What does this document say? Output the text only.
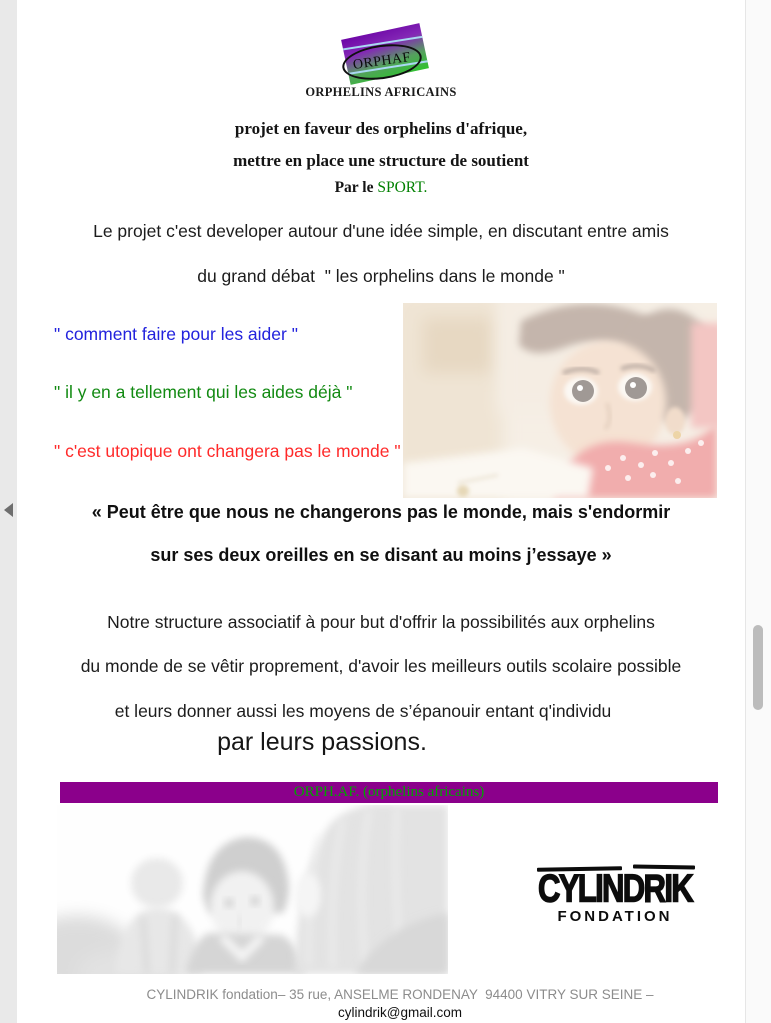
ORPHAF
ORPHELINS AFRICAINS
projet en faveur des orphelins d'afrique,
mettre en place une structure de soutient
Par le SPORT.
Le projet c'est developer autour d'une idée simple, en discutant entre amis
du grand débat  " les orphelins dans le monde "
" comment faire pour les aider "
" il y en a tellement qui les aides déjà "
" c'est utopique ont changera pas le monde "
« Peut être que nous ne changerons pas le monde, mais s'endormir
sur ses deux oreilles en se disant au moins j’essaye »
Notre structure associatif à pour but d'offrir la possibilités aux orphelins
du monde de se vêtir proprement, d'avoir les meilleurs outils scolaire possible
et leurs donner aussi les moyens de s’épanouir entant q'individu
par leurs passions.
ORPH.AF. (orphelins africains)
CYLINDRIK
FONDATION
CYLINDRIK fondation– 35 rue, ANSELME RONDENAY  94400 VITRY SUR SEINE –
cylindrik@gmail.com
